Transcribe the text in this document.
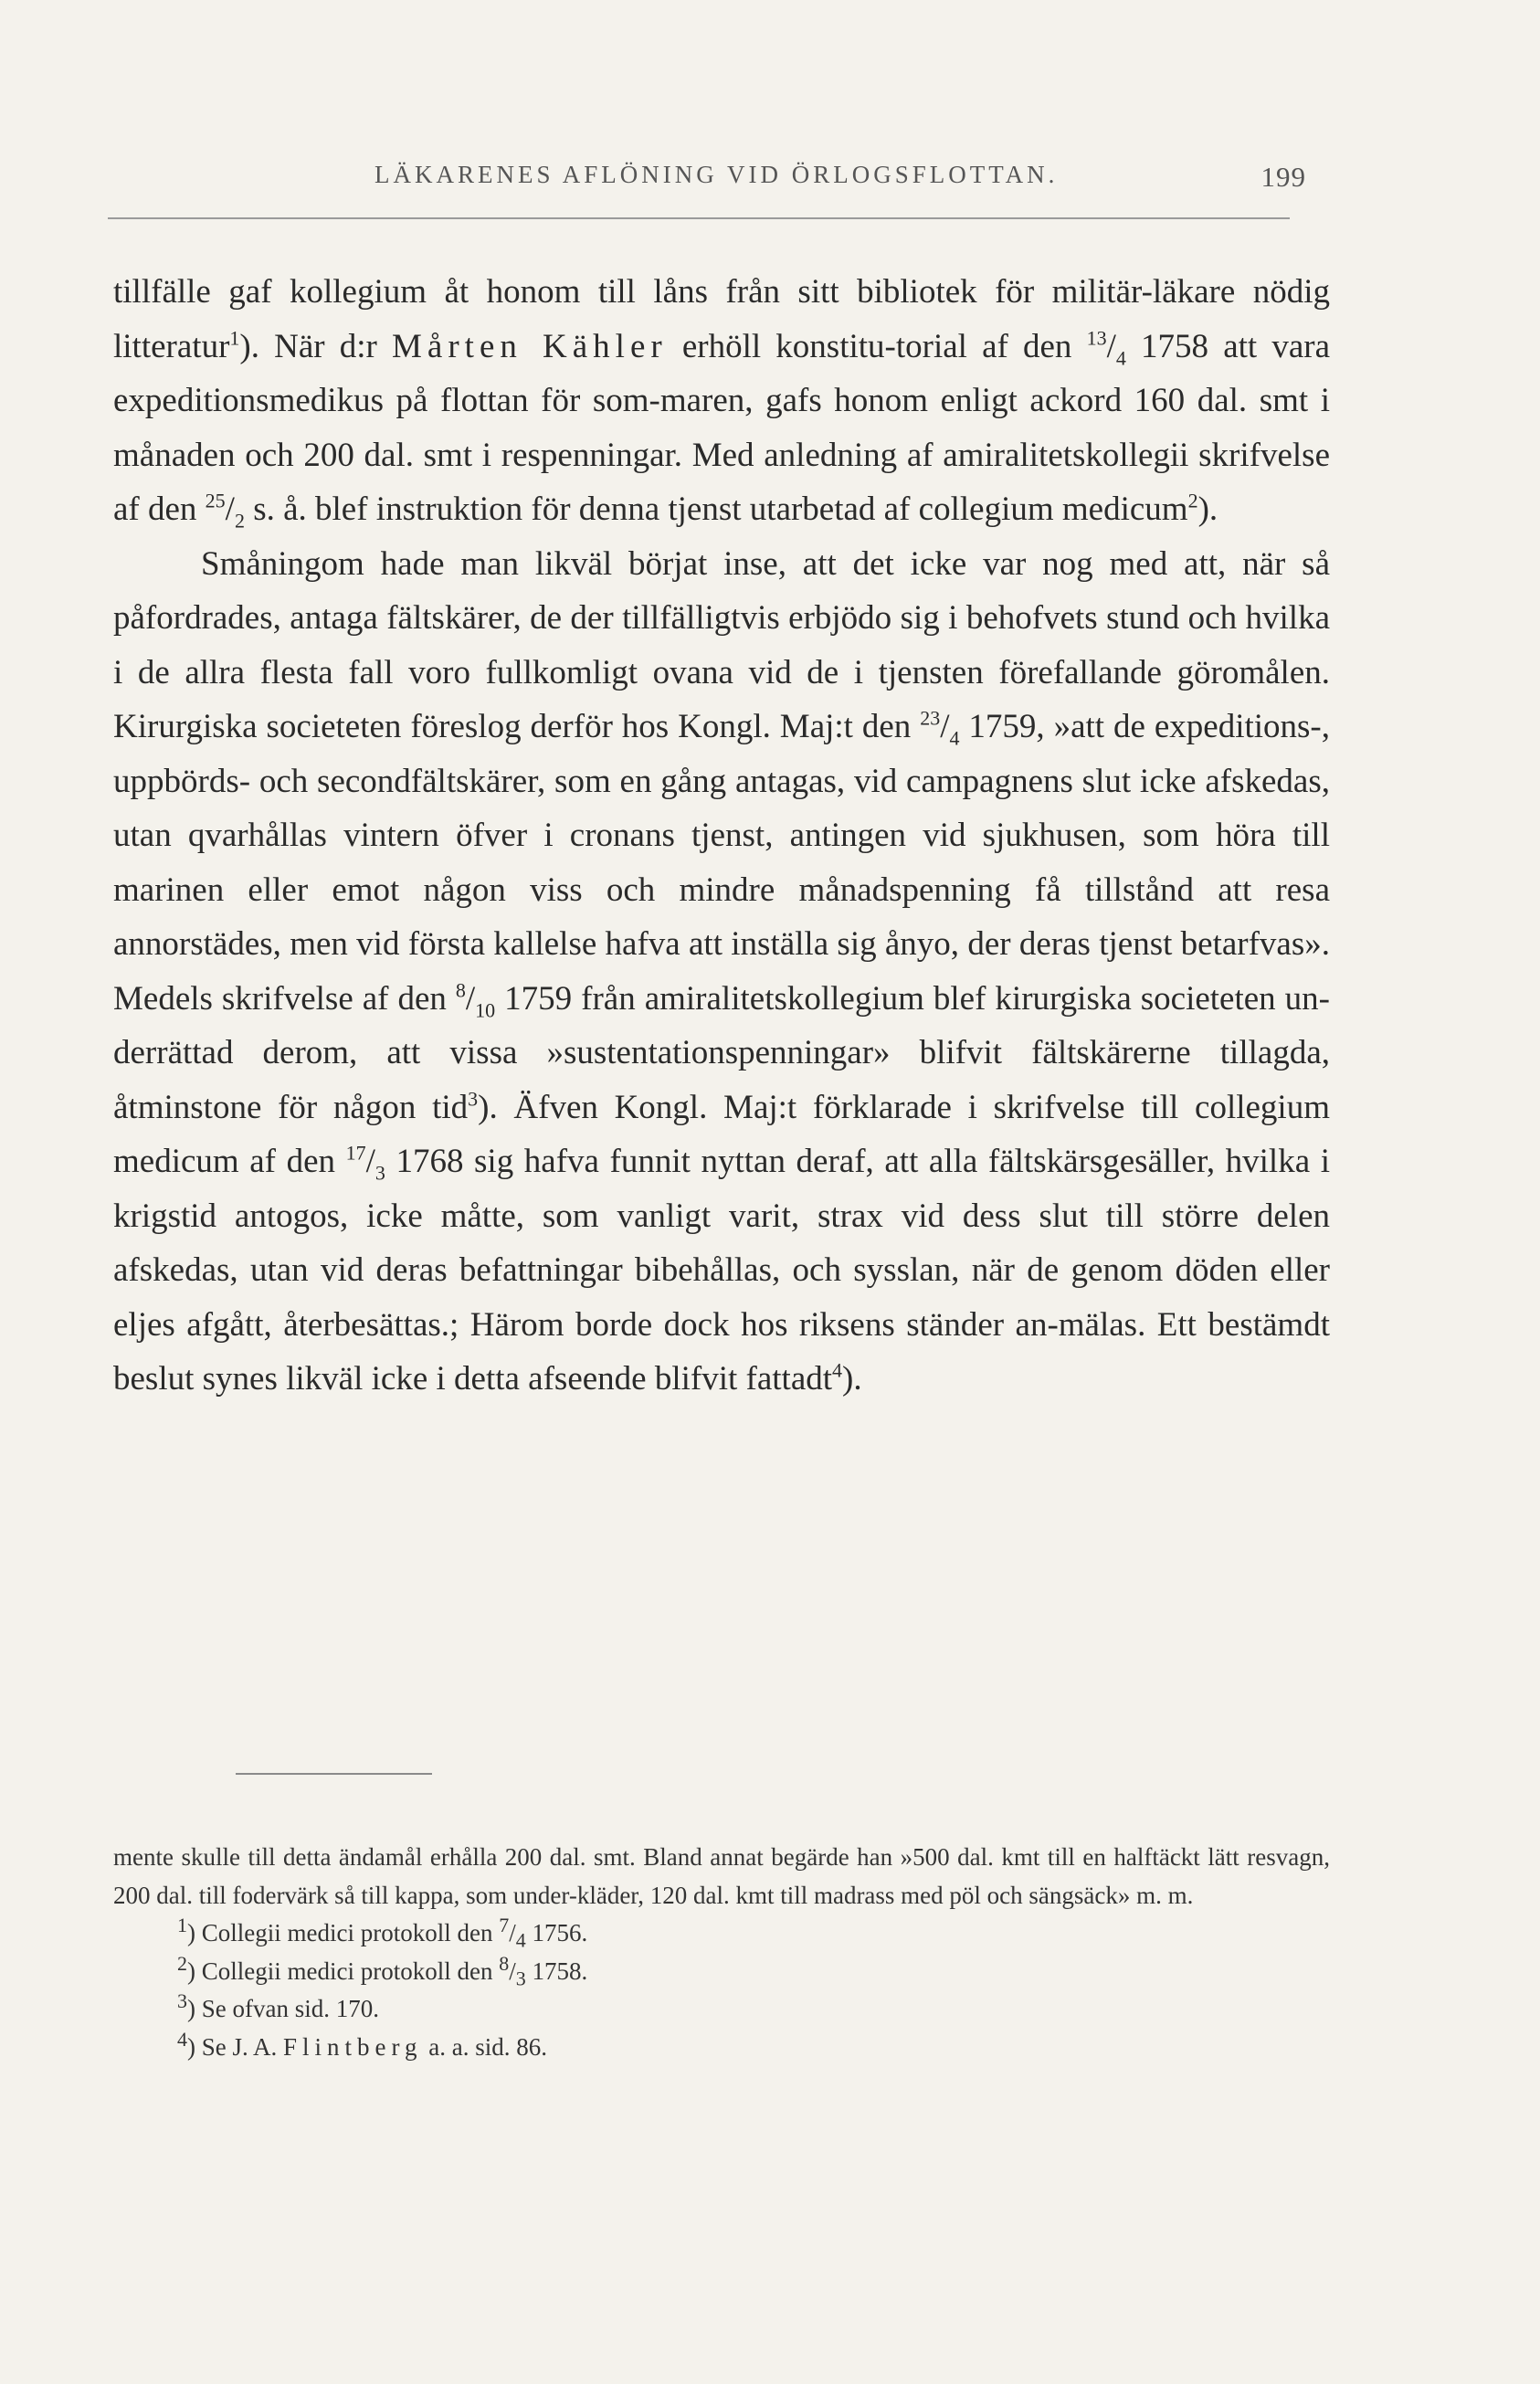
LÄKARENES AFLÖNING VID ÖRLOGSFLOTTAN.	199

tillfälle gaf kollegium åt honom till låns från sitt bibliotek för militär-läkare nödig litteratur$^1$). När d:r Mårten Kähler erhöll konstitu-torial af den $^{13}/_4$ 1758 att vara expeditionsmedikus på flottan för som-maren, gafs honom enligt ackord 160 dal. smt i månaden och 200 dal. smt i respenningar. Med anledning af amiralitetskollegii skrifvelse af den $^{25}/_2$ s. å. blef instruktion för denna tjenst utarbetad af collegium medicum$^2$).

Småningom hade man likväl börjat inse, att det icke var nog med att, när så påfordrades, antaga fältskärer, de der tillfälligtvis erbjödo sig i behofvets stund och hvilka i de allra flesta fall voro fullkomligt ovana vid de i tjensten förefallande göromålen. Kirurgiska societeten föreslog derför hos Kongl. Maj:t den $^{23}/_4$ 1759, »att de expeditions-, uppbörds- och secondfältskärer, som en gång antagas, vid campagnens slut icke afskedas, utan qvarhållas vintern öfver i cronans tjenst, antingen vid sjukhusen, som höra till marinen eller emot någon viss och mindre månadspenning få tillstånd att resa annorstädes, men vid första kallelse hafva att inställa sig ånyo, der deras tjenst betarfvas». Medels skrifvelse af den $^8/_{10}$ 1759 från amiralitetskollegium blef kirurgiska societeten un-derrättad derom, att vissa »sustentationspenningar» blifvit fältskärerne tillagda, åtminstone för någon tid$^3$). Äfven Kongl. Maj:t förklarade i skrifvelse till collegium medicum af den $^{17}/_3$ 1768 sig hafva funnit nyttan deraf, att alla fältskärsgesäller, hvilka i krigstid antogos, icke måtte, som vanligt varit, strax vid dess slut till större delen afskedas, utan vid deras befattningar bibehållas, och sysslan, när de genom döden eller eljes afgått, återbesättas.; Härom borde dock hos riksens ständer an-mälas. Ett bestämdt beslut synes likväl icke i detta afseende blifvit fattadt$^4$).

mente skulle till detta ändamål erhålla 200 dal. smt. Bland annat begärde han »500 dal. kmt till en halftäckt lätt resvagn, 200 dal. till fodervärk så till kappa, som under-kläder, 120 dal. kmt till madrass med pöl och sängsäck» m. m.

$^1$) Collegii medici protokoll den $^7/_4$ 1756.

$^2$) Collegii medici protokoll den $^8/_3$ 1758.

$^3$) Se ofvan sid. 170.

$^4$) Se J. A. Flintberg a. a. sid. 86.
